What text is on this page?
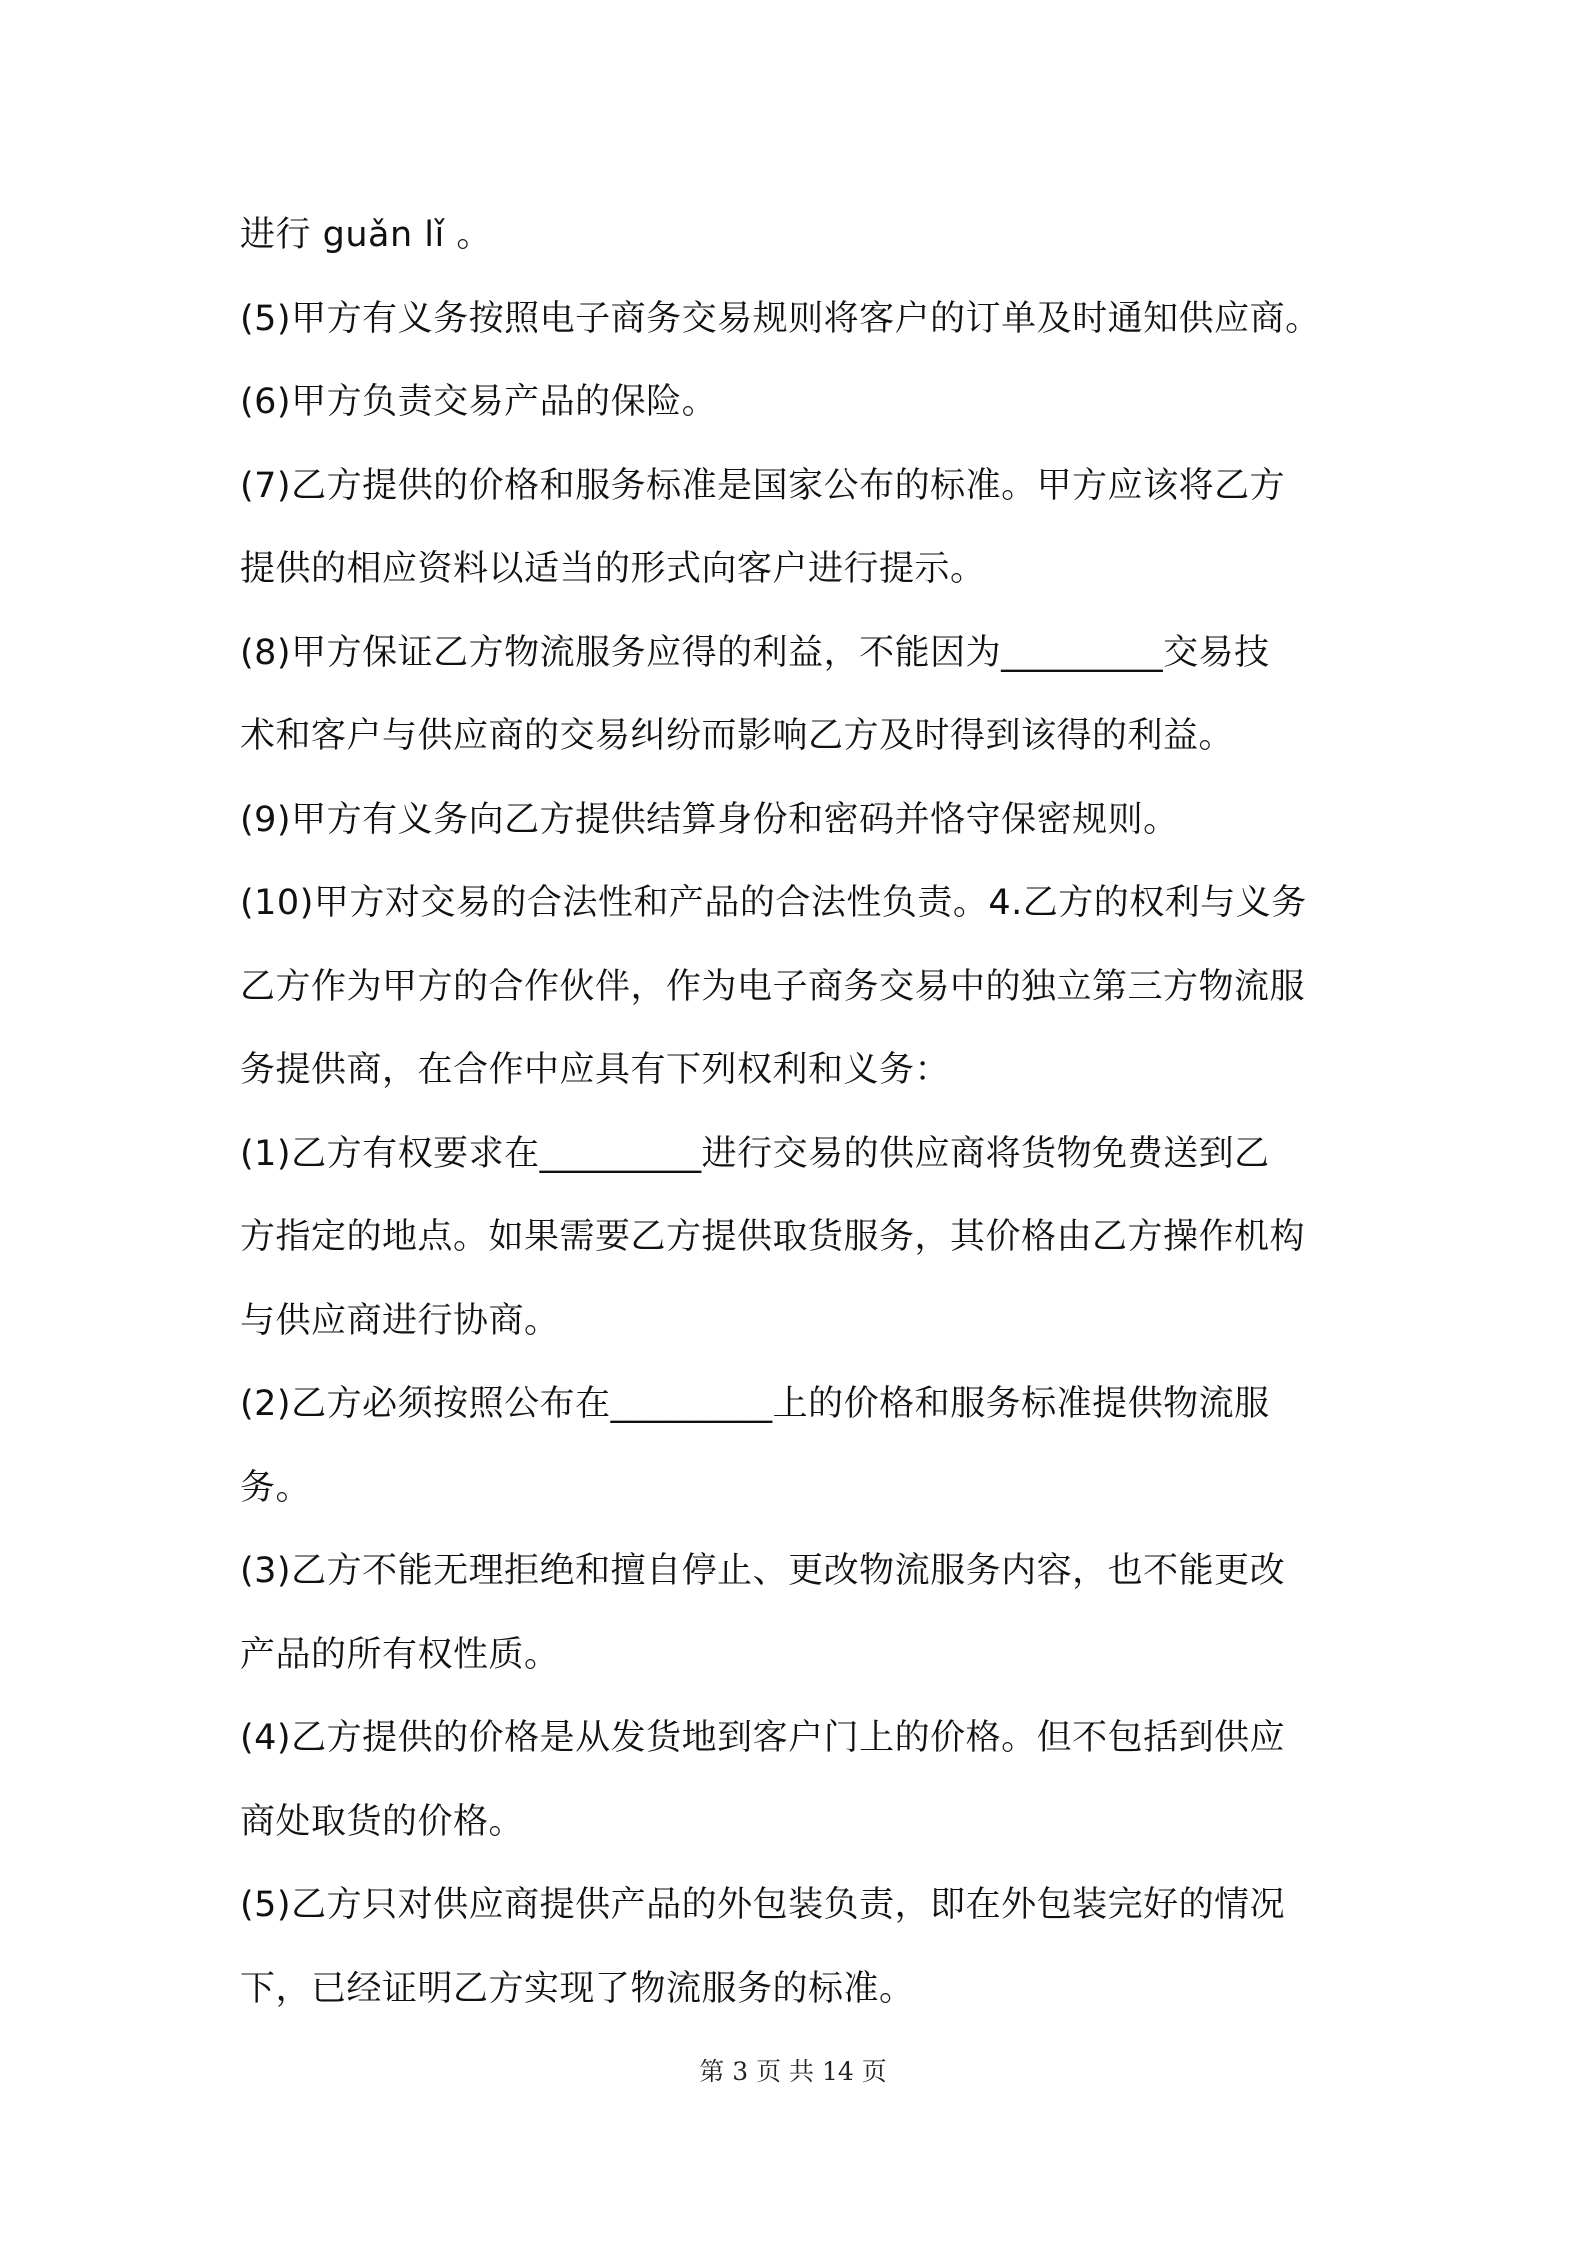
进行 guǎn lǐ 。
(5)甲方有义务按照电子商务交易规则将客户的订单及时通知供应商。
(6)甲方负责交易产品的保险。
(7)乙方提供的价格和服务标准是国家公布的标准。甲方应该将乙方
提供的相应资料以适当的形式向客户进行提示。
(8)甲方保证乙方物流服务应得的利益，不能因为_________交易技
术和客户与供应商的交易纠纷而影响乙方及时得到该得的利益。
(9)甲方有义务向乙方提供结算身份和密码并恪守保密规则。
(10)甲方对交易的合法性和产品的合法性负责。4.乙方的权利与义务
乙方作为甲方的合作伙伴，作为电子商务交易中的独立第三方物流服
务提供商，在合作中应具有下列权利和义务：
(1)乙方有权要求在_________进行交易的供应商将货物免费送到乙
方指定的地点。如果需要乙方提供取货服务，其价格由乙方操作机构
与供应商进行协商。
(2)乙方必须按照公布在_________上的价格和服务标准提供物流服
务。
(3)乙方不能无理拒绝和擅自停止、更改物流服务内容，也不能更改
产品的所有权性质。
(4)乙方提供的价格是从发货地到客户门上的价格。但不包括到供应
商处取货的价格。
(5)乙方只对供应商提供产品的外包装负责，即在外包装完好的情况
下，已经证明乙方实现了物流服务的标准。
第 3 页 共 14 页
